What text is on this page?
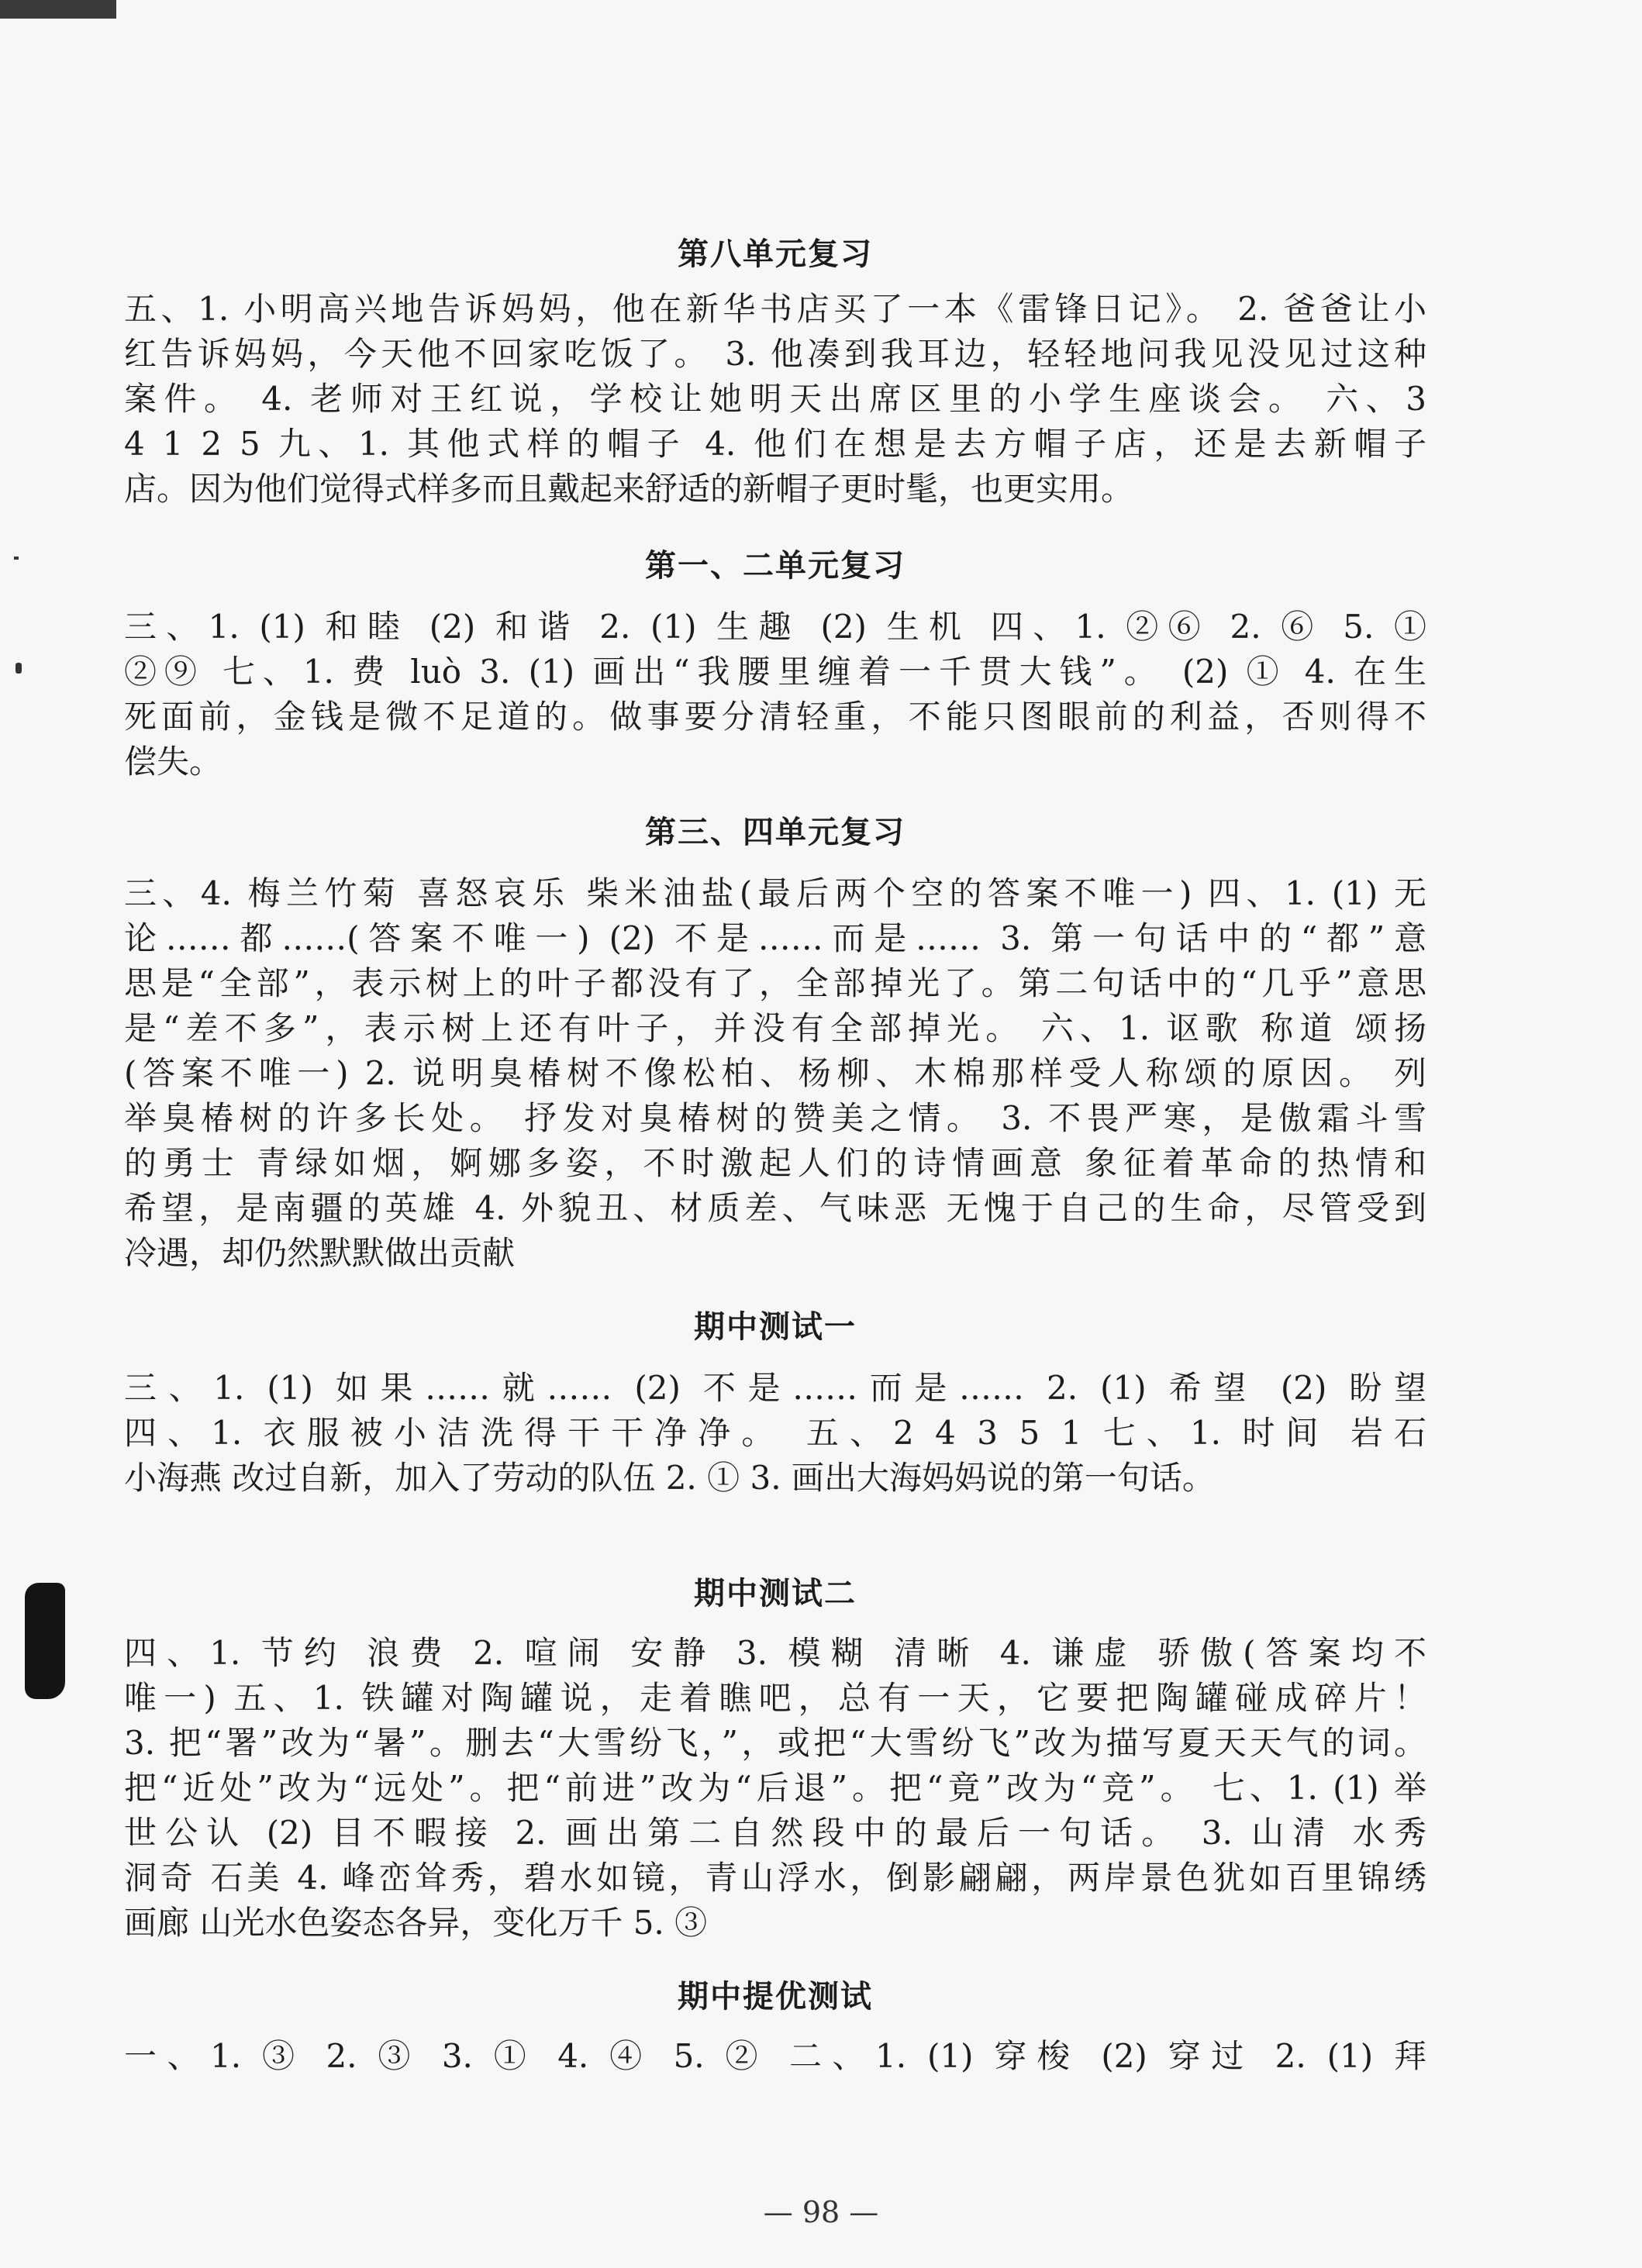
第八单元复习
五、1. 小明高兴地告诉妈妈，他在新华书店买了一本《雷锋日记》。 2. 爸爸让小
红告诉妈妈，今天他不回家吃饭了。 3. 他凑到我耳边，轻轻地问我见没见过这种
案件。 4. 老师对王红说，学校让她明天出席区里的小学生座谈会。 六、3
4 1 2 5 九、1. 其他式样的帽子 4. 他们在想是去方帽子店，还是去新帽子
店。因为他们觉得式样多而且戴起来舒适的新帽子更时髦，也更实用。
第一、二单元复习
三、1. (1) 和睦 (2) 和谐 2. (1) 生趣 (2) 生机 四、1. ②⑥ 2. ⑥ 5. ①
②⑨ 七、1. 费 luò 3. (1) 画出“我腰里缠着一千贯大钱”。 (2) ① 4. 在生
死面前，金钱是微不足道的。做事要分清轻重，不能只图眼前的利益，否则得不
偿失。
第三、四单元复习
三、4. 梅兰竹菊 喜怒哀乐 柴米油盐(最后两个空的答案不唯一) 四、1. (1) 无
论……都……(答案不唯一) (2) 不是……而是…… 3. 第一句话中的“都”意
思是“全部”，表示树上的叶子都没有了，全部掉光了。第二句话中的“几乎”意思
是“差不多”，表示树上还有叶子，并没有全部掉光。 六、1. 讴歌 称道 颂扬
(答案不唯一) 2. 说明臭椿树不像松柏、杨柳、木棉那样受人称颂的原因。 列
举臭椿树的许多长处。 抒发对臭椿树的赞美之情。 3. 不畏严寒，是傲霜斗雪
的勇士 青绿如烟，婀娜多姿，不时激起人们的诗情画意 象征着革命的热情和
希望，是南疆的英雄 4. 外貌丑、材质差、气味恶 无愧于自己的生命，尽管受到
冷遇，却仍然默默做出贡献
期中测试一
三、1. (1) 如果……就…… (2) 不是……而是…… 2. (1) 希望 (2) 盼望
四、1. 衣服被小洁洗得干干净净。 五、2 4 3 5 1 七、1. 时间 岩石
小海燕 改过自新，加入了劳动的队伍 2. ① 3. 画出大海妈妈说的第一句话。
期中测试二
四、1. 节约 浪费 2. 喧闹 安静 3. 模糊 清晰 4. 谦虚 骄傲(答案均不
唯一) 五、1. 铁罐对陶罐说，走着瞧吧，总有一天，它要把陶罐碰成碎片！
3. 把“署”改为“暑”。删去“大雪纷飞，”，或把“大雪纷飞”改为描写夏天天气的词。
把“近处”改为“远处”。把“前进”改为“后退”。把“竟”改为“竞”。 七、1. (1) 举
世公认 (2) 目不暇接 2. 画出第二自然段中的最后一句话。 3. 山清 水秀
洞奇 石美 4. 峰峦耸秀，碧水如镜，青山浮水，倒影翩翩，两岸景色犹如百里锦绣
画廊 山光水色姿态各异，变化万千 5. ③
期中提优测试
一、1. ③ 2. ③ 3. ① 4. ④ 5. ② 二、1. (1) 穿梭 (2) 穿过 2. (1) 拜
— 98 —
